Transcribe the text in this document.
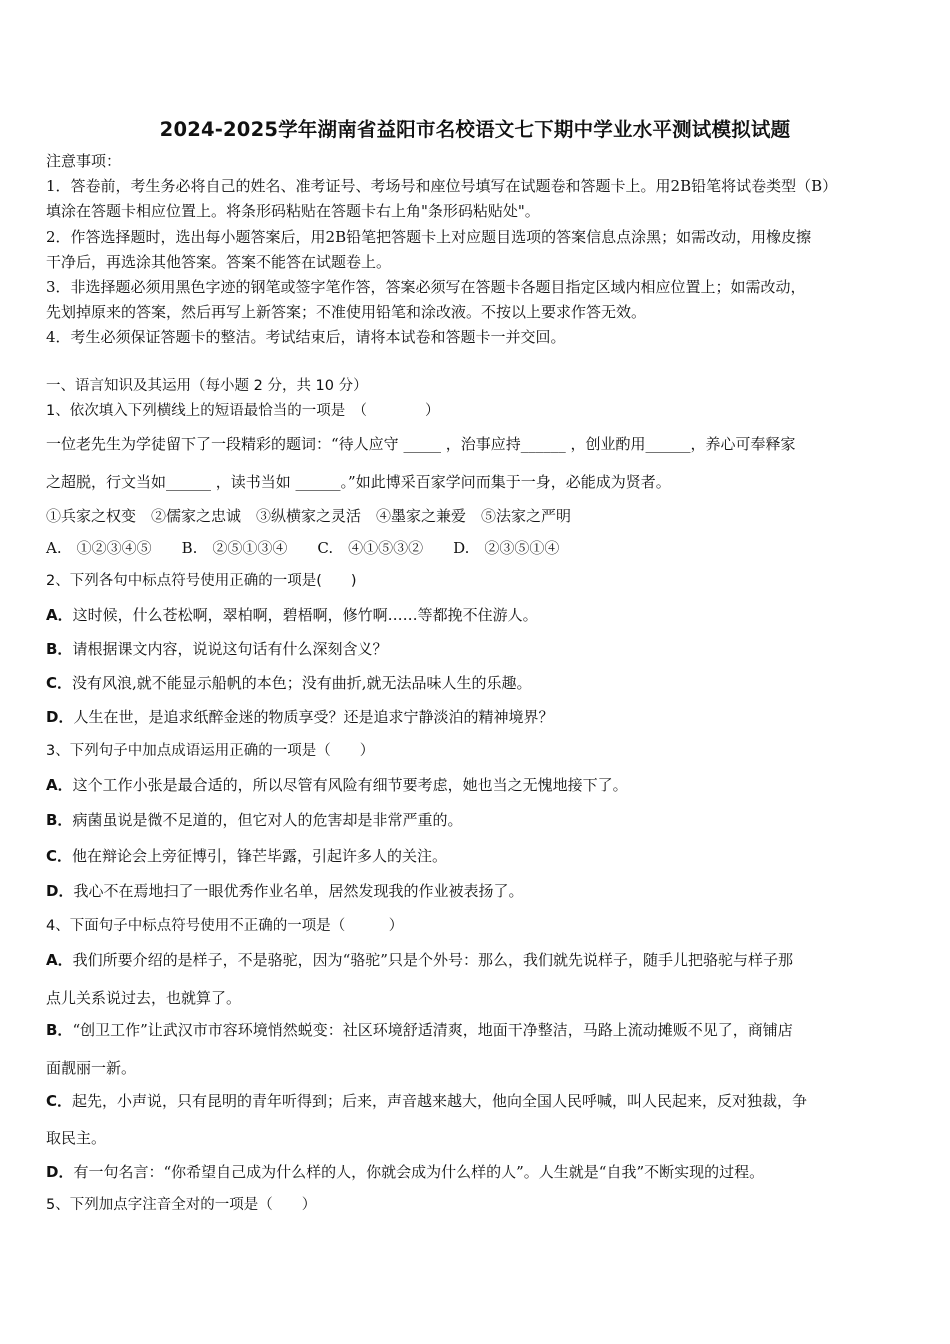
2024-2025学年湖南省益阳市名校语文七下期中学业水平测试模拟试题
注意事项：
1．答卷前，考生务必将自己的姓名、准考证号、考场号和座位号填写在试题卷和答题卡上。用2B铅笔将试卷类型（B）
填涂在答题卡相应位置上。将条形码粘贴在答题卡右上角"条形码粘贴处"。
2．作答选择题时，选出每小题答案后，用2B铅笔把答题卡上对应题目选项的答案信息点涂黑；如需改动，用橡皮擦
干净后，再选涂其他答案。答案不能答在试题卷上。
3．非选择题必须用黑色字迹的钢笔或签字笔作答，答案必须写在答题卡各题目指定区域内相应位置上；如需改动，
先划掉原来的答案，然后再写上新答案；不准使用铅笔和涂改液。不按以上要求作答无效。
4．考生必须保证答题卡的整洁。考试结束后，请将本试卷和答题卡一并交回。
一、语言知识及其运用（每小题 2 分，共 10 分）
1、依次填入下列横线上的短语最恰当的一项是　（　　　　）
一位老先生为学徒留下了一段精彩的题词：“待人应守 _____ ，治事应持______ ，创业酌用______，养心可奉释家
之超脱，行文当如______ ，读书当如 ______。”如此博采百家学问而集于一身，必能成为贤者。
①兵家之权变　②儒家之忠诚　③纵横家之灵活　④墨家之兼爱　⑤法家之严明
A.　①②③④⑤　　B.　②⑤①③④　　C.　④①⑤③②　　D.　②③⑤①④
2、下列各句中标点符号使用正确的一项是(　　)
A．这时候，什么苍松啊，翠柏啊，碧梧啊，修竹啊……等都挽不住游人。
B．请根据课文内容，说说这句话有什么深刻含义？
C．没有风浪,就不能显示船帆的本色；没有曲折,就无法品味人生的乐趣。
D．人生在世，是追求纸醉金迷的物质享受？还是追求宁静淡泊的精神境界？
3、下列句子中加点成语运用正确的一项是（　　）
A．这个工作小张是最合适的，所以尽管有风险有细节要考虑，她也当之无愧地接下了。
B．病菌虽说是微不足道的，但它对人的危害却是非常严重的。
C．他在辩论会上旁征博引，锋芒毕露，引起许多人的关注。
D．我心不在焉地扫了一眼优秀作业名单，居然发现我的作业被表扬了。
4、下面句子中标点符号使用不正确的一项是（　　　）
A．我们所要介绍的是样子，不是骆驼，因为“骆驼”只是个外号：那么，我们就先说样子，随手儿把骆驼与样子那
点儿关系说过去，也就算了。
B．“创卫工作”让武汉市市容环境悄然蜕变：社区环境舒适清爽，地面干净整洁，马路上流动摊贩不见了，商铺店
面靓丽一新。
C．起先，小声说，只有昆明的青年听得到；后来，声音越来越大，他向全国人民呼喊，叫人民起来，反对独裁，争
取民主。
D．有一句名言：“你希望自己成为什么样的人，你就会成为什么样的人”。人生就是“自我”不断实现的过程。
5、下列加点字注音全对的一项是（　　）
